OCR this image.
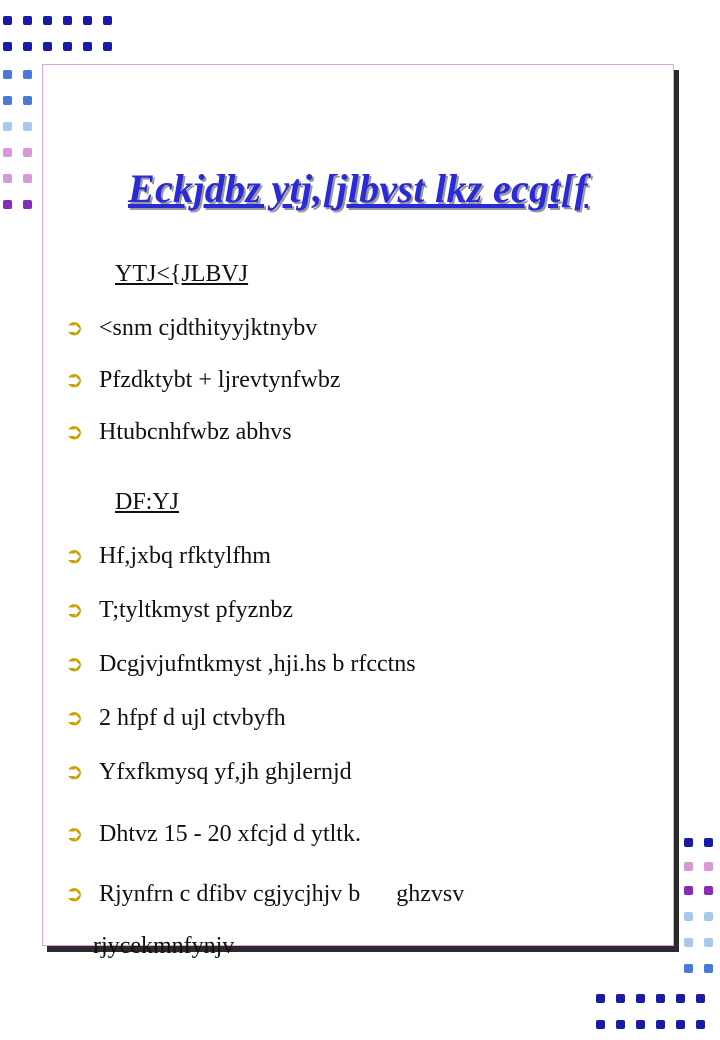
Eckjdbz ytj,[jlbvst lkz ecgt[f
YTJ<{JLBVJ
➲ <snm cjdthityyjktnybv
➲ Pfzdktybt + ljrevtynfwbz
➲ Htubcnhfwbz abhvs
DF:YJ
➲ Hf,jxbq rfktylfhm
➲ T;tyltkmyst pfyznbz
➲ Dcgjvjufntkmyst ,hji.hs b rfcctns
➲ 2 hfpf d ujl ctvbyfh
➲ Yfxfkmysq yf,jh ghjlernjd
➲ Dhtvz 15 - 20 xfcjd d ytltk.
➲ Rjynfrn c dfibv cgjycjhjv b      ghzvsv
rjycekmnfynjv
